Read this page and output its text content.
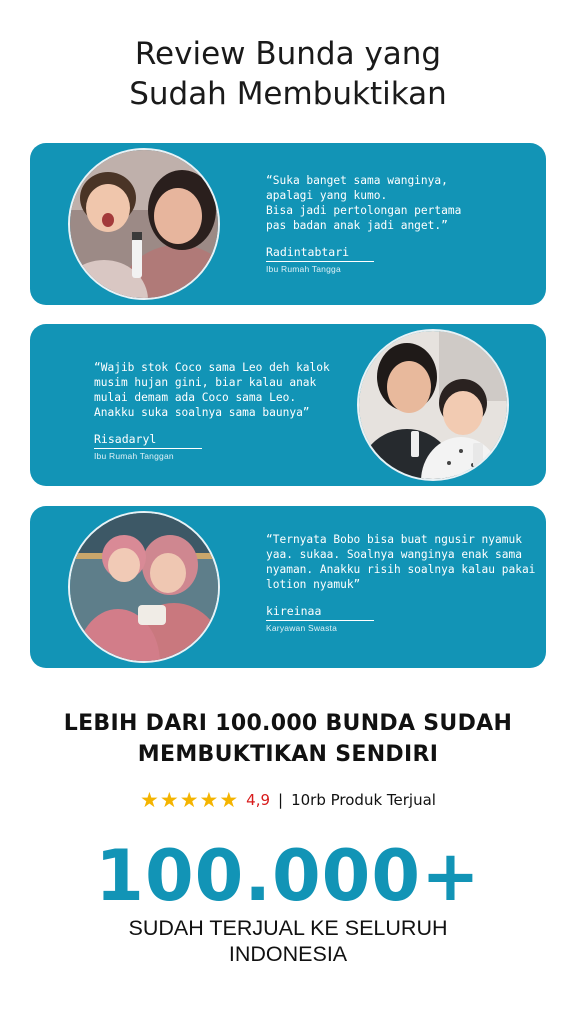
Review Bunda yang
Sudah Membuktikan
“Suka banget sama wanginya,
apalagi yang kumo.
Bisa jadi pertolongan pertama
pas badan anak jadi anget.”
Radintabtari
Ibu Rumah Tangga
“Wajib stok Coco sama Leo deh kalok
musim hujan gini, biar kalau anak
mulai demam ada Coco sama Leo.
Anakku suka soalnya sama baunya”
Risadaryl
Ibu Rumah Tanggan
“Ternyata Bobo bisa buat ngusir nyamuk
yaa. sukaa. Soalnya wanginya enak sama
nyaman. Anakku risih soalnya kalau pakai
lotion nyamuk”
kireinaa
Karyawan Swasta
LEBIH DARI 100.000 BUNDA SUDAH
MEMBUKTIKAN SENDIRI
★ ★ ★ ★ ★ 4,9 | 10rb Produk Terjual
100.000+
SUDAH TERJUAL KE SELURUH
INDONESIA
